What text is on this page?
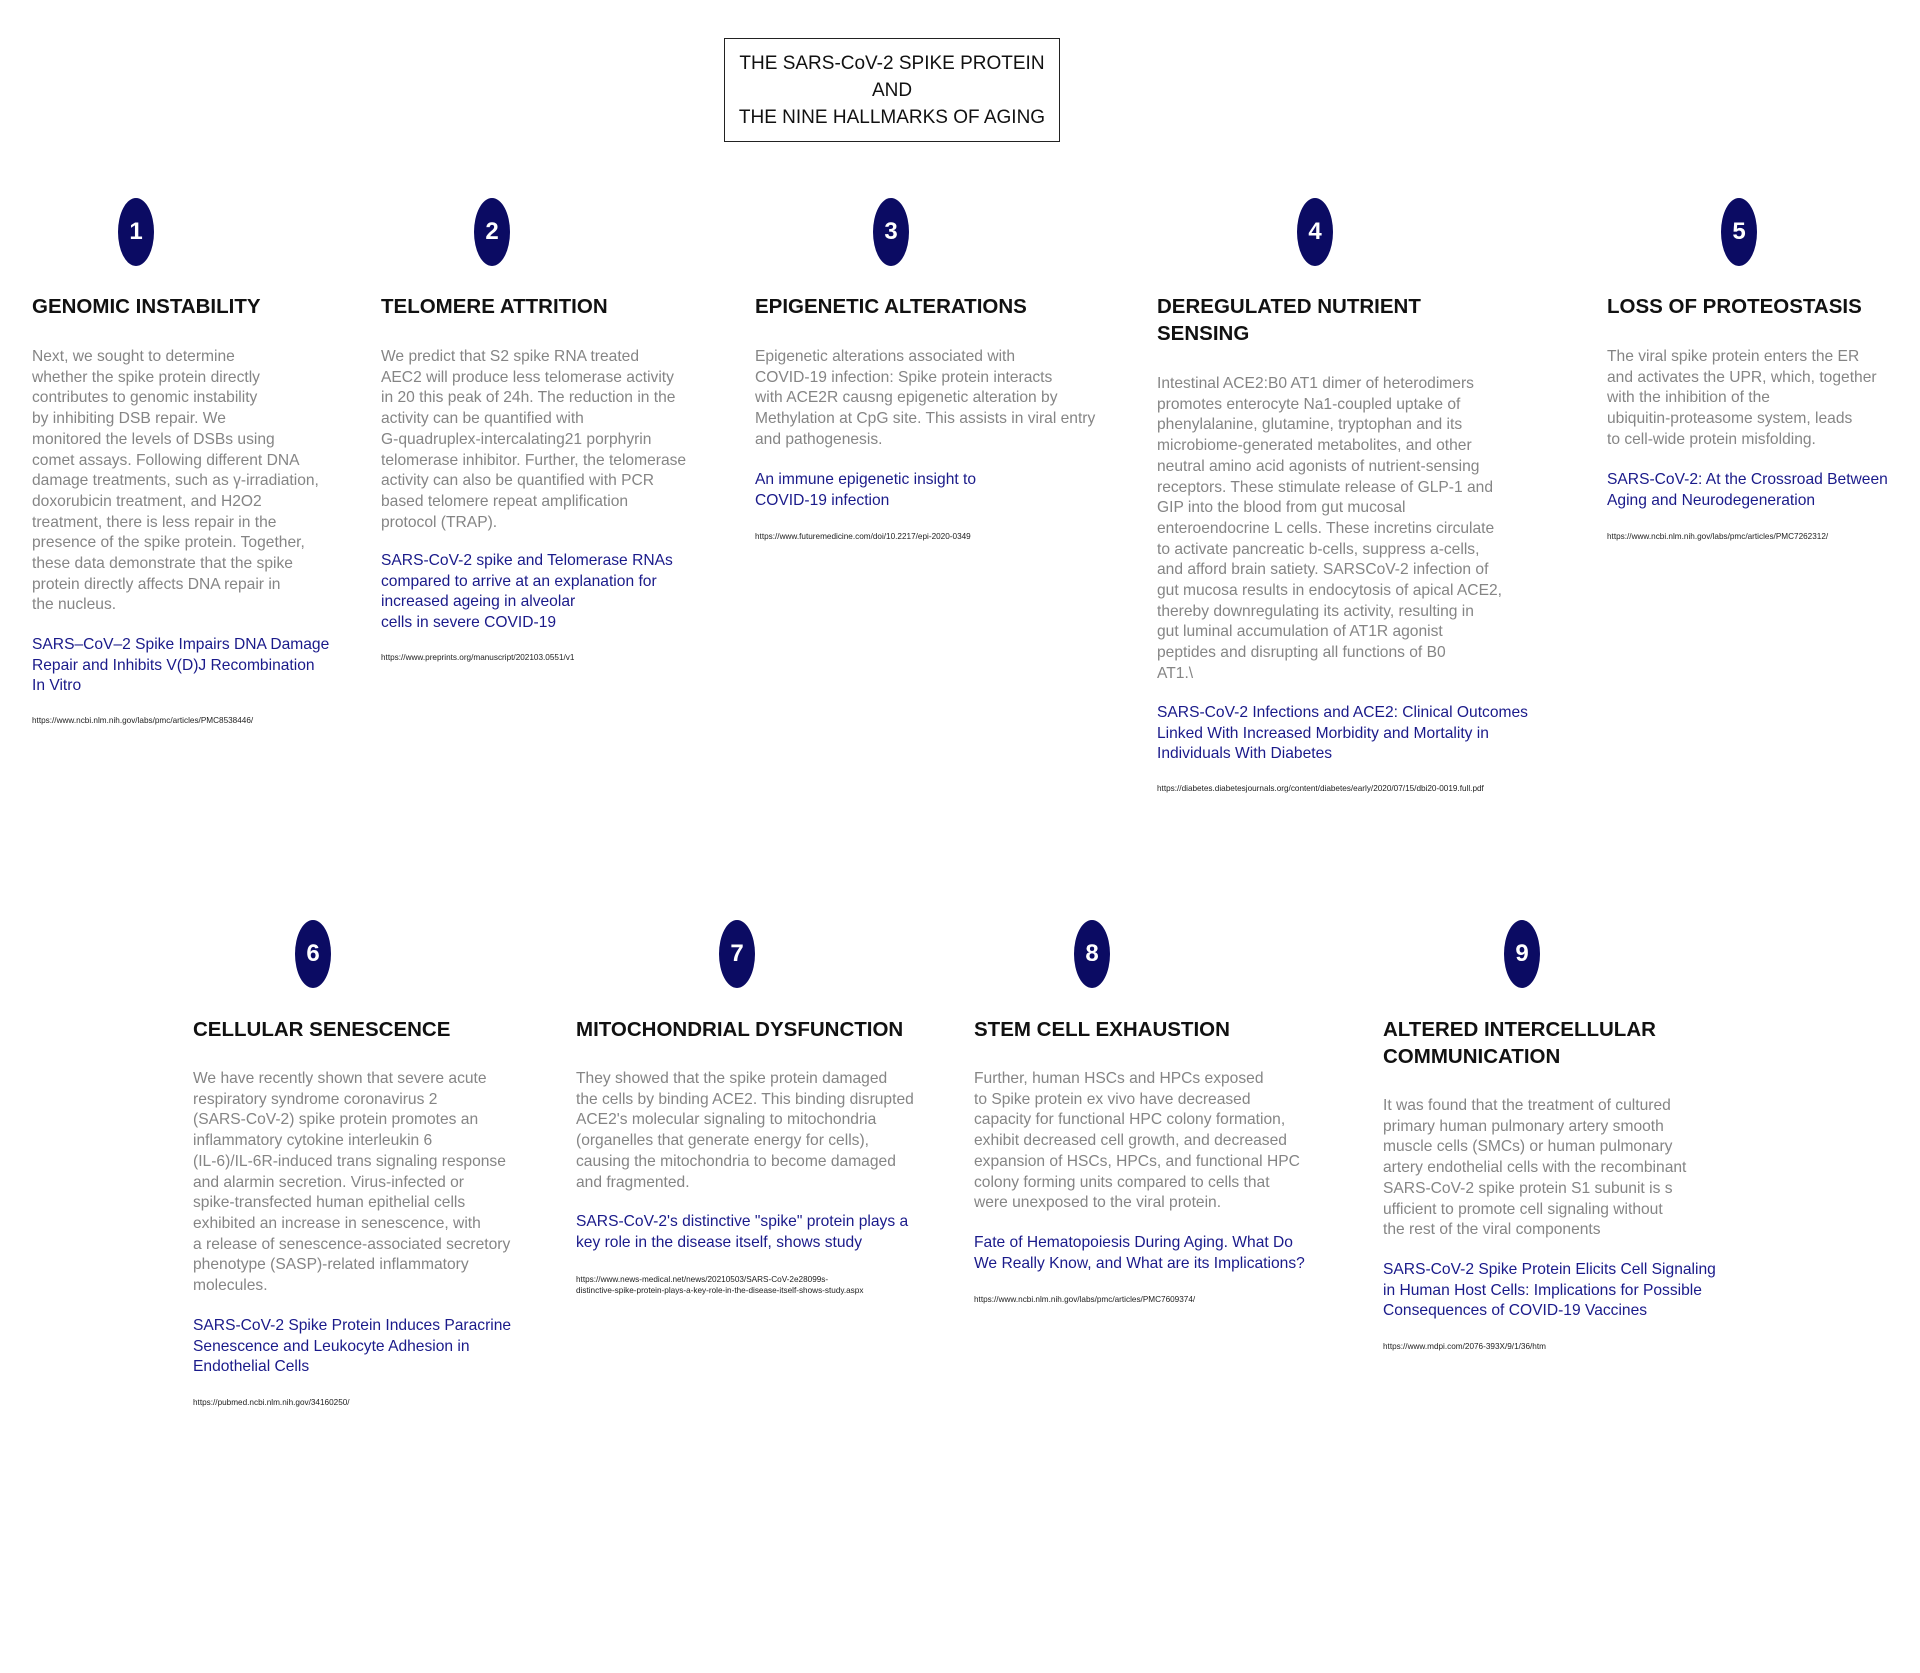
THE SARS-CoV-2 SPIKE PROTEIN
AND
THE NINE HALLMARKS OF AGING
1
GENOMIC INSTABILITY

Next, we sought to determine
whether the spike protein directly
contributes to genomic instability
by inhibiting DSB repair. We
monitored the levels of DSBs using
comet assays. Following different DNA
damage treatments, such as γ-irradiation,
doxorubicin treatment, and H2O2
treatment, there is less repair in the
presence of the spike protein. Together,
these data demonstrate that the spike
protein directly affects DNA repair in
the nucleus.

SARS–CoV–2 Spike Impairs DNA Damage
Repair and Inhibits V(D)J Recombination
In Vitro
https://www.ncbi.nlm.nih.gov/labs/pmc/articles/PMC8538446/
2
TELOMERE ATTRITION

We predict that S2 spike RNA treated
AEC2 will produce less telomerase activity
in 20 this peak of 24h. The reduction in the
activity can be quantified with
G-quadruplex-intercalating21 porphyrin
telomerase inhibitor. Further, the telomerase
activity can also be quantified with PCR
based telomere repeat amplification
protocol (TRAP).

SARS-CoV-2 spike and Telomerase RNAs
compared to arrive at an explanation for
increased ageing in alveolar
cells in severe COVID-19
https://www.preprints.org/manuscript/202103.0551/v1
3
EPIGENETIC ALTERATIONS

Epigenetic alterations associated with
COVID-19 infection: Spike protein interacts
with ACE2R causng epigenetic alteration by
Methylation at CpG site. This assists in viral entry
and pathogenesis.

An immune epigenetic insight to
COVID-19 infection
https://www.futuremedicine.com/doi/10.2217/epi-2020-0349
4
DEREGULATED NUTRIENT
SENSING

Intestinal ACE2:B0 AT1 dimer of heterodimers
promotes enterocyte Na1-coupled uptake of
phenylalanine, glutamine, tryptophan and its
microbiome-generated metabolites, and other
neutral amino acid agonists of nutrient-sensing
receptors. These stimulate release of GLP-1 and
GIP into the blood from gut mucosal
enteroendocrine L cells. These incretins circulate
to activate pancreatic b-cells, suppress a-cells,
and afford brain satiety. SARSCoV-2 infection of
gut mucosa results in endocytosis of apical ACE2,
thereby downregulating its activity, resulting in
gut luminal accumulation of AT1R agonist
peptides and disrupting all functions of B0
AT1.\

SARS-CoV-2 Infections and ACE2: Clinical Outcomes
Linked With Increased Morbidity and Mortality in
Individuals With Diabetes
https://diabetes.diabetesjournals.org/content/diabetes/early/2020/07/15/dbi20-0019.full.pdf
5
LOSS OF PROTEOSTASIS

The viral spike protein enters the ER
and activates the UPR, which, together
with the inhibition of the
ubiquitin-proteasome system, leads
to cell-wide protein misfolding.

SARS-CoV-2: At the Crossroad Between
Aging and Neurodegeneration
https://www.ncbi.nlm.nih.gov/labs/pmc/articles/PMC7262312/
6
CELLULAR SENESCENCE

We have recently shown that severe acute
respiratory syndrome coronavirus 2
(SARS-CoV-2) spike protein promotes an
inflammatory cytokine interleukin 6
(IL-6)/IL-6R-induced trans signaling response
and alarmin secretion. Virus-infected or
spike-transfected human epithelial cells
exhibited an increase in senescence, with
a release of senescence-associated secretory
phenotype (SASP)-related inflammatory
molecules.

SARS-CoV-2 Spike Protein Induces Paracrine
Senescence and Leukocyte Adhesion in
Endothelial Cells
https://pubmed.ncbi.nlm.nih.gov/34160250/
7
MITOCHONDRIAL DYSFUNCTION

They showed that the spike protein damaged
the cells by binding ACE2. This binding disrupted
ACE2's molecular signaling to mitochondria
(organelles that generate energy for cells),
causing the mitochondria to become damaged
and fragmented.

SARS-CoV-2's distinctive "spike" protein plays a
key role in the disease itself, shows study
https://www.news-medical.net/news/20210503/SARS-CoV-2e28099s-
distinctive-spike-protein-plays-a-key-role-in-the-disease-itself-shows-study.aspx
8
STEM CELL EXHAUSTION

Further, human HSCs and HPCs exposed
to Spike protein ex vivo have decreased
capacity for functional HPC colony formation,
exhibit decreased cell growth, and decreased
expansion of HSCs, HPCs, and functional HPC
colony forming units compared to cells that
were unexposed to the viral protein.

Fate of Hematopoiesis During Aging. What Do
We Really Know, and What are its Implications?
https://www.ncbi.nlm.nih.gov/labs/pmc/articles/PMC7609374/
9
ALTERED INTERCELLULAR
COMMUNICATION

It was found that the treatment of cultured
primary human pulmonary artery smooth
muscle cells (SMCs) or human pulmonary
artery endothelial cells with the recombinant
SARS-CoV-2 spike protein S1 subunit is s
ufficient to promote cell signaling without
the rest of the viral components

SARS-CoV-2 Spike Protein Elicits Cell Signaling
in Human Host Cells: Implications for Possible
Consequences of COVID-19 Vaccines
https://www.mdpi.com/2076-393X/9/1/36/htm
